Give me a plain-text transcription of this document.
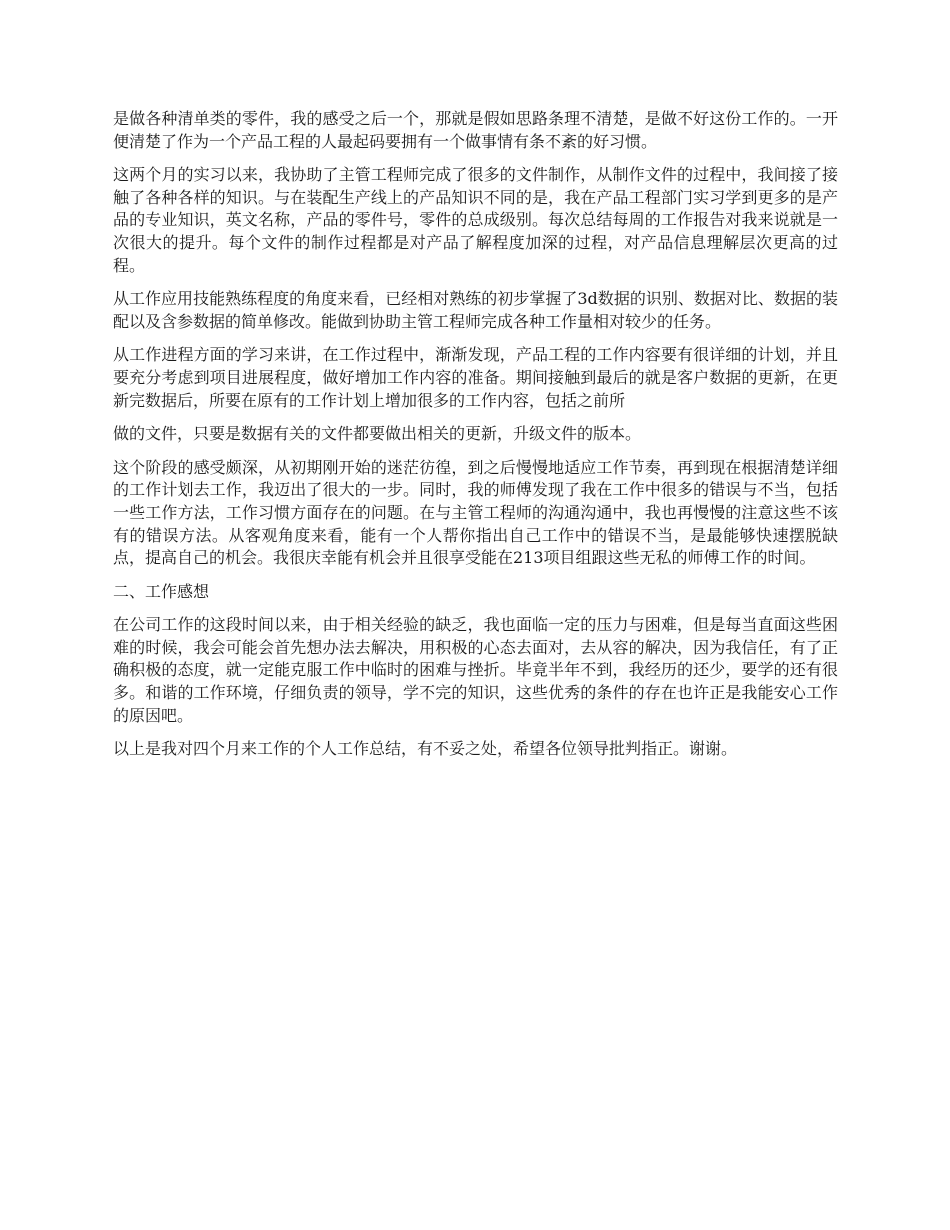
是做各种清单类的零件，我的感受之后一个，那就是假如思路条理不清楚，是做不好这份工作的。一开便清楚了作为一个产品工程的人最起码要拥有一个做事情有条不紊的好习惯。

这两个月的实习以来，我协助了主管工程师完成了很多的文件制作，从制作文件的过程中，我间接了接触了各种各样的知识。与在装配生产线上的产品知识不同的是，我在产品工程部门实习学到更多的是产品的专业知识，英文名称，产品的零件号，零件的总成级别。每次总结每周的工作报告对我来说就是一次很大的提升。每个文件的制作过程都是对产品了解程度加深的过程，对产品信息理解层次更高的过程。

从工作应用技能熟练程度的角度来看，已经相对熟练的初步掌握了3d数据的识别、数据对比、数据的装配以及含参数据的简单修改。能做到协助主管工程师完成各种工作量相对较少的任务。

从工作进程方面的学习来讲，在工作过程中，渐渐发现，产品工程的工作内容要有很详细的计划，并且要充分考虑到项目进展程度，做好增加工作内容的准备。期间接触到最后的就是客户数据的更新，在更新完数据后，所要在原有的工作计划上增加很多的工作内容，包括之前所

做的文件，只要是数据有关的文件都要做出相关的更新，升级文件的版本。

这个阶段的感受颇深，从初期刚开始的迷茫彷徨，到之后慢慢地适应工作节奏，再到现在根据清楚详细的工作计划去工作，我迈出了很大的一步。同时，我的师傅发现了我在工作中很多的错误与不当，包括一些工作方法，工作习惯方面存在的问题。在与主管工程师的沟通沟通中，我也再慢慢的注意这些不该有的错误方法。从客观角度来看，能有一个人帮你指出自己工作中的错误不当，是最能够快速摆脱缺点，提高自己的机会。我很庆幸能有机会并且很享受能在213项目组跟这些无私的师傅工作的时间。

二、工作感想

在公司工作的这段时间以来，由于相关经验的缺乏，我也面临一定的压力与困难，但是每当直面这些困难的时候，我会可能会首先想办法去解决，用积极的心态去面对，去从容的解决，因为我信任，有了正确积极的态度，就一定能克服工作中临时的困难与挫折。毕竟半年不到，我经历的还少，要学的还有很多。和谐的工作环境，仔细负责的领导，学不完的知识，这些优秀的条件的存在也许正是我能安心工作的原因吧。

以上是我对四个月来工作的个人工作总结，有不妥之处，希望各位领导批判指正。谢谢。
